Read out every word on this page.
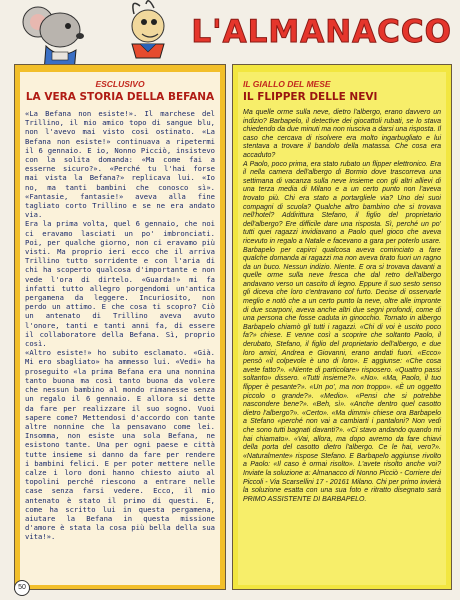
L'ALMANACCO
ESCLUSIVO
LA VERA STORIA DELLA BEFANA
«La Befana non esiste!». Il marchese del Trillino, il mio amico topo di sangue blu, non l'avevo mai visto così ostinato. «La Befana non esiste!» continuava a ripetermi il 6 gennaio. E io, Nonno Picciò, insistevo con la solita domanda: «Ma come fai a esserne sicuro?». «Perché tu l'hai forse mai vista la Befana?» replicava lui. «Io no, ma tanti bambini che conosco sì». «Fantasie, fantasie!» aveva alla fine tagliato corto Trillino e se ne era andato via.
Era la prima volta, quel 6 gennaio, che noi ci eravamo lasciati un po' imbronciati. Poi, per qualche giorno, non ci eravamo più visti. Ma proprio ieri ecco che il arriva Trillino tutto sorridente e con l'aria di chi ha scoperto qualcosa d'importante e non vede l'ora di dirtelo. «Guarda!» mi fa infatti tutto allegro porgendomi un'antica pergamena da leggere. Incuriosito, non perdo un attimo. E che cosa ti scopro? Ciò un antenato di Trillino aveva avuto l'onore, tanti e tanti anni fa, di essere il collaboratore della Befana. Sì, proprio così.
«Altro esiste!» ho subito esclamato. «Già. Mi ero sbagliato» ha ammesso lui. «Vedi» ha proseguito «la prima Befana era una nonnina tanto buona ma così tanto buona da volere che nessun bambino al mondo rimanesse senza un regalo il 6 gennaio. E allora si dette da fare per realizzare il suo sogno. Vuoi sapere come? Mettendosi d'accordo con tante altre nonnine che la pensavano come lei. Insomma, non esiste una sola Befana, ne esistono tante. Una per ogni paese e città tutte insieme si danno da fare per rendere i bambini felici. E per poter mettere nelle calze i loro doni hanno chiesto aiuto al topolini perché riescono a entrare nelle case senza farsi vedere. Ecco, il mio antenato è stato il primo di questi. E, come ha scritto lui in questa pergamena, aiutare la Befana in questa missione d'amore è stata la cosa più bella della sua vita!».
IL GIALLO DEL MESE
IL FLIPPER DELLE NEVI
Ma quelle orme sulla neve, dietro l'albergo, erano davvero un indizio? Barbapelo, il detective dei giocattoli rubati, se lo stava chiedendo da due minuti ma non riusciva a darsi una risposta. Il caso che cercava di risolvere era molto ingarbugliato e lui stentava a trovare il bandolo della matassa. Che cosa era accaduto?
A Paolo, poco prima, era stato rubato un flipper elettronico. Era il nella camera dell'albergo di Bormio dove trascorreva una settimana di vacanza sulla neve insieme con gli altri allievi di una terza media di Milano e a un certo punto non l'aveva trovato più. Chi era stato a portargliele via? Uno dei suoi compagni di scuola? Qualche altro bambino che si trovava nell'hotel? Addirittura Stefano, il figlio del proprietario dell'albergo? Ere difficile dare una risposta. Sì, perché un po' tutti quei ragazzi invidiavano a Paolo quel gioco che aveva ricevuto in regalo a Natale e facevano a gara per poterlo usare. Barbapelo per capirci qualcosa aveva cominciato a fare qualche domanda ai ragazzi ma non aveva tirato fuori un ragno da un buco. Nessun indizio. Niente. E ora si trovava davanti a quelle orme sulla neve fresca che dal retro dell'albergo andavano verso un cascito di legno. Eppure il suo sesto senso gli diceva che loro c'entravano col furto. Decise di osservarle meglio e notò che a un certo punto la neve, oltre alle impronte di due scarponi, aveva anche altri due segni profondi, come di una persona che fosse caduta in ginocchio. Tornato in albergo Barbapelo chiamò gli tutti i ragazzi. «Chi di voi è uscito poco fa?» chiese. E venne così a scoprire che soltanto Paolo, il derubato, Stefano, il figlio del proprietario dell'albergo, e due loro amici, Andrea e Giovanni, erano andati fuori. «Ecco» pensò «il colpevole è uno di loro». E aggiunse: «Che cosa avete fatto?». «Niente di particolare» risposero. «Quattro passi soltanto» dissero. «Tutti insieme?». «No». «Ma, Paolo, il tuo flipper è pesante?». «Un po', ma non troppo». «È un oggetto piccolo o grande?». «Medio». «Pensi che si potrebbe nascondere bene?». «Beh, sì». «Anche dentro quel casotto dietro l'albergo?». «Certo». «Ma dimmi» chiese ora Barbapelo a Stefano «perché non vai a cambiarti i pantaloni? Non vedi che sono tutti bagnati davanti?». «Ci stavo andando quando mi hai chiamato». «Vai, allora, ma dopo avremo da fare chiavi della porta del casotto dietro l'albergo. Ce le hai, vero?». «Naturalmente» rispose Stefano. E Barbapelo aggiunse rivolto a Paolo: «Il caso è ormai risolto». L'avete risolto anche voi? Inviate la soluzione a: Almanacco di Nonno Picciò - Corriere dei Piccoli - Via Scarsellini 17 - 20161 Milano. Chi per primo invierà la soluzione esatta con una sua foto e ritratto disegnato sarà PRIMO ASSISTENTE DI BARBAPELO.
50
